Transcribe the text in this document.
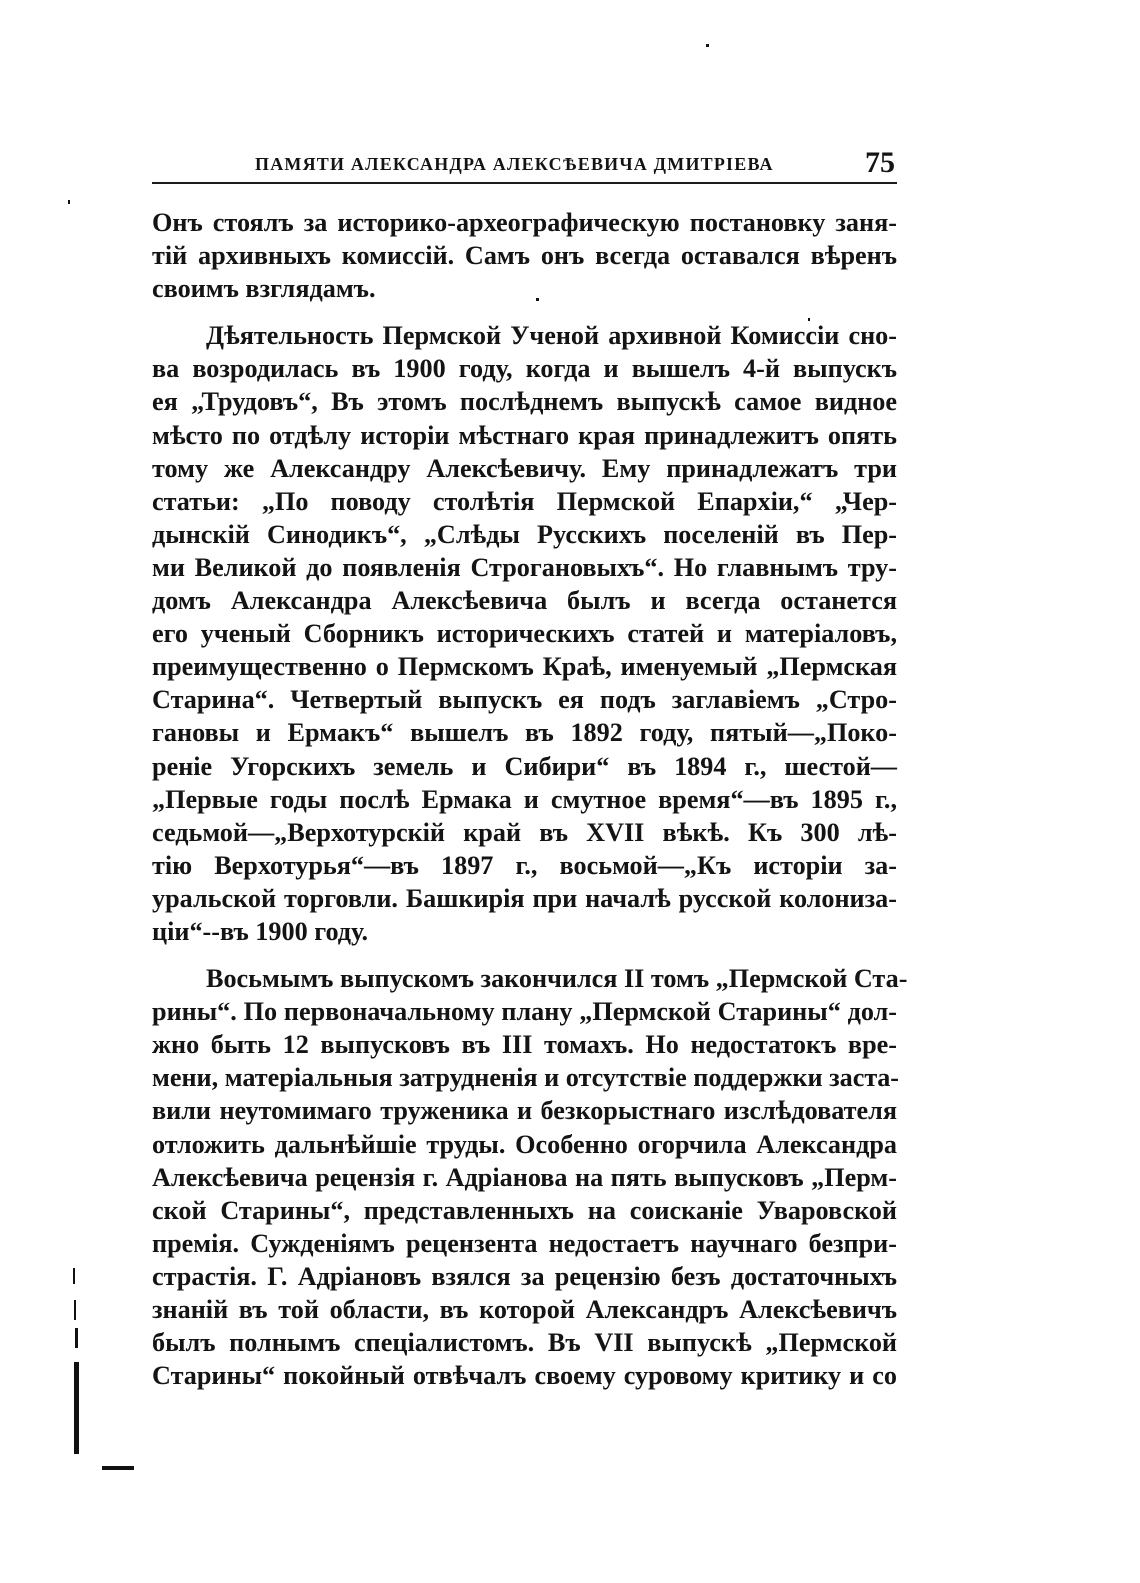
ПАМЯТИ АЛЕКСАНДРА АЛЕКСѢЕВИЧА ДМИТРІЕВА	75

Онъ стоялъ за историко-археографическую постановку заня-
тій архивныхъ комиссій. Самъ онъ всегда оставался вѣренъ
своимъ взглядамъ.

Дѣятельность Пермской Ученой архивной Комиссіи сно-
ва возродилась въ 1900 году, когда и вышелъ 4-й выпускъ
ея „Трудовъ“, Въ этомъ послѣднемъ выпускѣ самое видное
мѣсто по отдѣлу исторіи мѣстнаго края принадлежитъ опять
тому же Александру Алексѣевичу. Ему принадлежатъ три
статьи: „По поводу столѣтія Пермской Епархіи,“ „Чер-
дынскій Синодикъ“, „Слѣды Русскихъ поселеній въ Пер-
ми Великой до появленія Строгановыхъ“. Но главнымъ тру-
домъ Александра Алексѣевича былъ и всегда останется
его ученый Сборникъ историческихъ статей и матеріаловъ,
преимущественно о Пермскомъ Краѣ, именуемый „Пермская
Старина“. Четвертый выпускъ ея подъ заглавіемъ „Стро-
гановы и Ермакъ“ вышелъ въ 1892 году, пятый—„Поко-
реніе Угорскихъ земель и Сибири“ въ 1894 г., шестой—
„Первые годы послѣ Ермака и смутное время“—въ 1895 г.,
седьмой—„Верхотурскій край въ XVII вѣкѣ. Къ 300 лѣ-
тію Верхотурья“—въ 1897 г., восьмой—„Къ исторіи за-
уральской торговли. Башкирія при началѣ русской колониза-
ціи“--въ 1900 году.

Восьмымъ выпускомъ закончился II томъ „Пермской Ста-
рины“. По первоначальному плану „Пермской Старины“ дол-
жно быть 12 выпусковъ въ III томахъ. Но недостатокъ вре-
мени, матеріальныя затрудненія и отсутствіе поддержки застa-
вили неутомимаго труженика и безкорыстнаго изслѣдователя
отложить дальнѣйшіе труды. Особенно огорчила Александра
Алексѣевича рецензія г. Адріанова на пять выпусковъ „Перм-
ской Старины“, представленныхъ на соисканіе Уваровской
премія. Сужденіямъ рецензента недостаетъ научнаго безпри-
страстія. Г. Адріановъ взялся за рецензію безъ достаточныхъ
знаній въ той области, въ которой Александръ Алексѣевичъ
былъ полнымъ спеціалистомъ. Въ VII выпускѣ „Пермской
Старины“ покойный отвѣчалъ своему суровому критику и со
